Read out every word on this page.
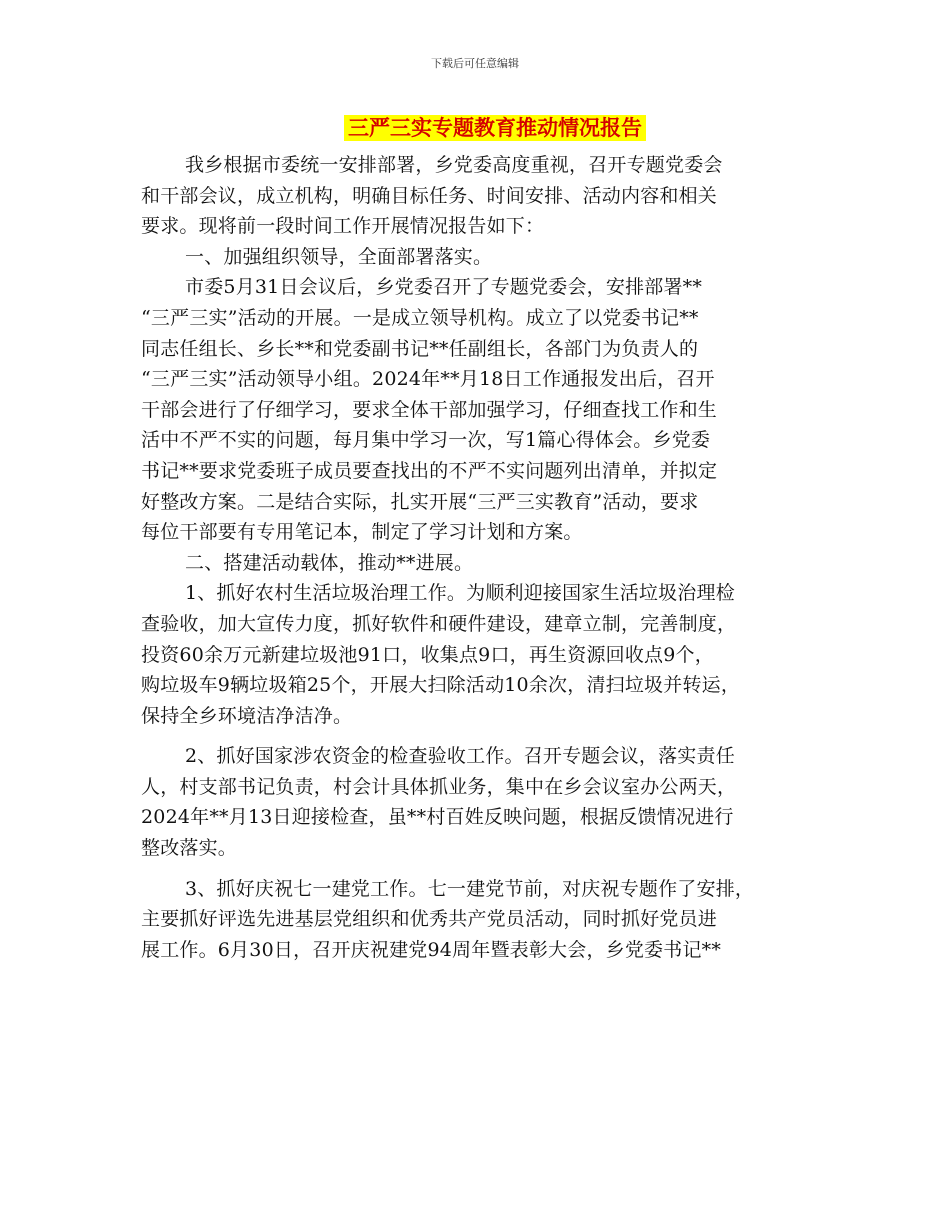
下载后可任意编辑
三严三实专题教育推动情况报告
我乡根据市委统一安排部署，乡党委高度重视，召开专题党委会
和干部会议，成立机构，明确目标任务、时间安排、活动内容和相关
要求。现将前一段时间工作开展情况报告如下：
一、加强组织领导，全面部署落实。
市委5月31日会议后，乡党委召开了专题党委会，安排部署**
“三严三实”活动的开展。一是成立领导机构。成立了以党委书记**
同志任组长、乡长**和党委副书记**任副组长，各部门为负责人的
“三严三实”活动领导小组。2024年**月18日工作通报发出后，召开
干部会进行了仔细学习，要求全体干部加强学习，仔细查找工作和生
活中不严不实的问题，每月集中学习一次，写1篇心得体会。乡党委
书记**要求党委班子成员要查找出的不严不实问题列出清单，并拟定
好整改方案。二是结合实际，扎实开展“三严三实教育”活动，要求
每位干部要有专用笔记本，制定了学习计划和方案。
二、搭建活动载体，推动**进展。
1、抓好农村生活垃圾治理工作。为顺利迎接国家生活垃圾治理检
查验收，加大宣传力度，抓好软件和硬件建设，建章立制，完善制度，
投资60余万元新建垃圾池91口，收集点9口，再生资源回收点9个，
购垃圾车9辆垃圾箱25个，开展大扫除活动10余次，清扫垃圾并转运，
保持全乡环境洁净洁净。
2、抓好国家涉农资金的检查验收工作。召开专题会议，落实责任
人，村支部书记负责，村会计具体抓业务，集中在乡会议室办公两天，
2024年**月13日迎接检查，虽**村百姓反映问题，根据反馈情况进行
整改落实。
3、抓好庆祝七一建党工作。七一建党节前，对庆祝专题作了安排，
主要抓好评选先进基层党组织和优秀共产党员活动，同时抓好党员进
展工作。6月30日，召开庆祝建党94周年暨表彰大会，乡党委书记**
